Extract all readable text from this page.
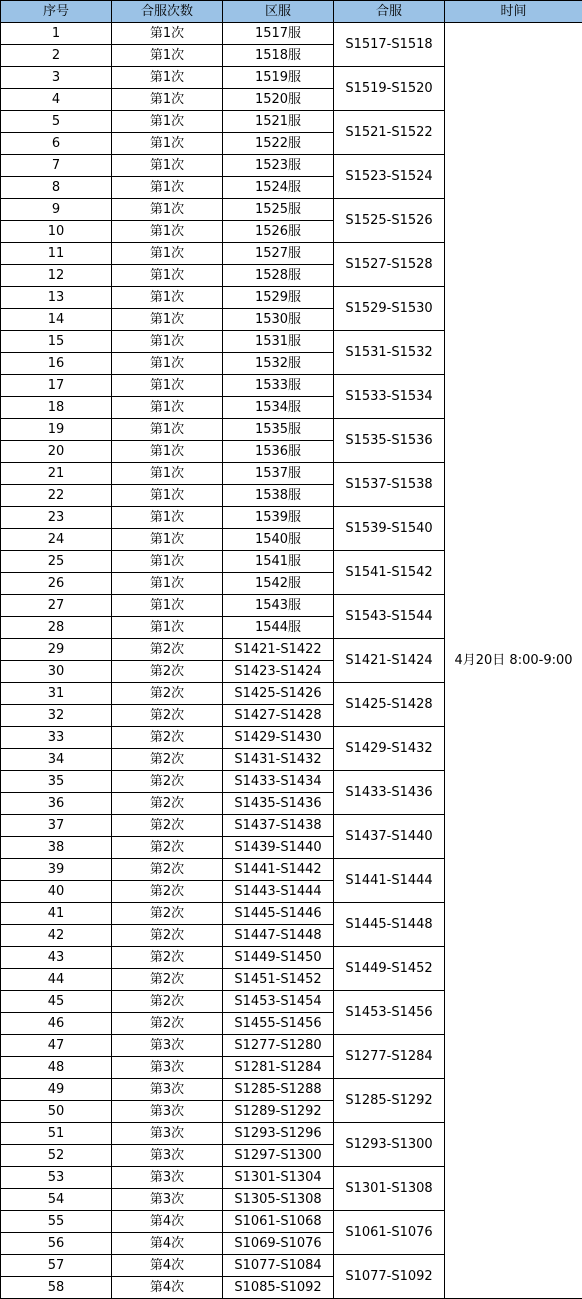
序号	合服次数	区服	合服	时间
1	第1次	1517服	S1517-S1518	4月20日 8:00-9:00
2	第1次	1518服		
3	第1次	1519服	S1519-S1520	
4	第1次	1520服		
5	第1次	1521服	S1521-S1522	
6	第1次	1522服		
7	第1次	1523服	S1523-S1524	
8	第1次	1524服		
9	第1次	1525服	S1525-S1526	
10	第1次	1526服		
11	第1次	1527服	S1527-S1528	
12	第1次	1528服		
13	第1次	1529服	S1529-S1530	
14	第1次	1530服		
15	第1次	1531服	S1531-S1532	
16	第1次	1532服		
17	第1次	1533服	S1533-S1534	
18	第1次	1534服		
19	第1次	1535服	S1535-S1536	
20	第1次	1536服		
21	第1次	1537服	S1537-S1538	
22	第1次	1538服		
23	第1次	1539服	S1539-S1540	
24	第1次	1540服		
25	第1次	1541服	S1541-S1542	
26	第1次	1542服		
27	第1次	1543服	S1543-S1544	
28	第1次	1544服		
29	第2次	S1421-S1422	S1421-S1424	
30	第2次	S1423-S1424		
31	第2次	S1425-S1426	S1425-S1428	
32	第2次	S1427-S1428		
33	第2次	S1429-S1430	S1429-S1432	
34	第2次	S1431-S1432		
35	第2次	S1433-S1434	S1433-S1436	
36	第2次	S1435-S1436		
37	第2次	S1437-S1438	S1437-S1440	
38	第2次	S1439-S1440		
39	第2次	S1441-S1442	S1441-S1444	
40	第2次	S1443-S1444		
41	第2次	S1445-S1446	S1445-S1448	
42	第2次	S1447-S1448		
43	第2次	S1449-S1450	S1449-S1452	
44	第2次	S1451-S1452		
45	第2次	S1453-S1454	S1453-S1456	
46	第2次	S1455-S1456		
47	第3次	S1277-S1280	S1277-S1284	
48	第3次	S1281-S1284		
49	第3次	S1285-S1288	S1285-S1292	
50	第3次	S1289-S1292		
51	第3次	S1293-S1296	S1293-S1300	
52	第3次	S1297-S1300		
53	第3次	S1301-S1304	S1301-S1308	
54	第3次	S1305-S1308		
55	第4次	S1061-S1068	S1061-S1076	
56	第4次	S1069-S1076		
57	第4次	S1077-S1084	S1077-S1092	
58	第4次	S1085-S1092		
